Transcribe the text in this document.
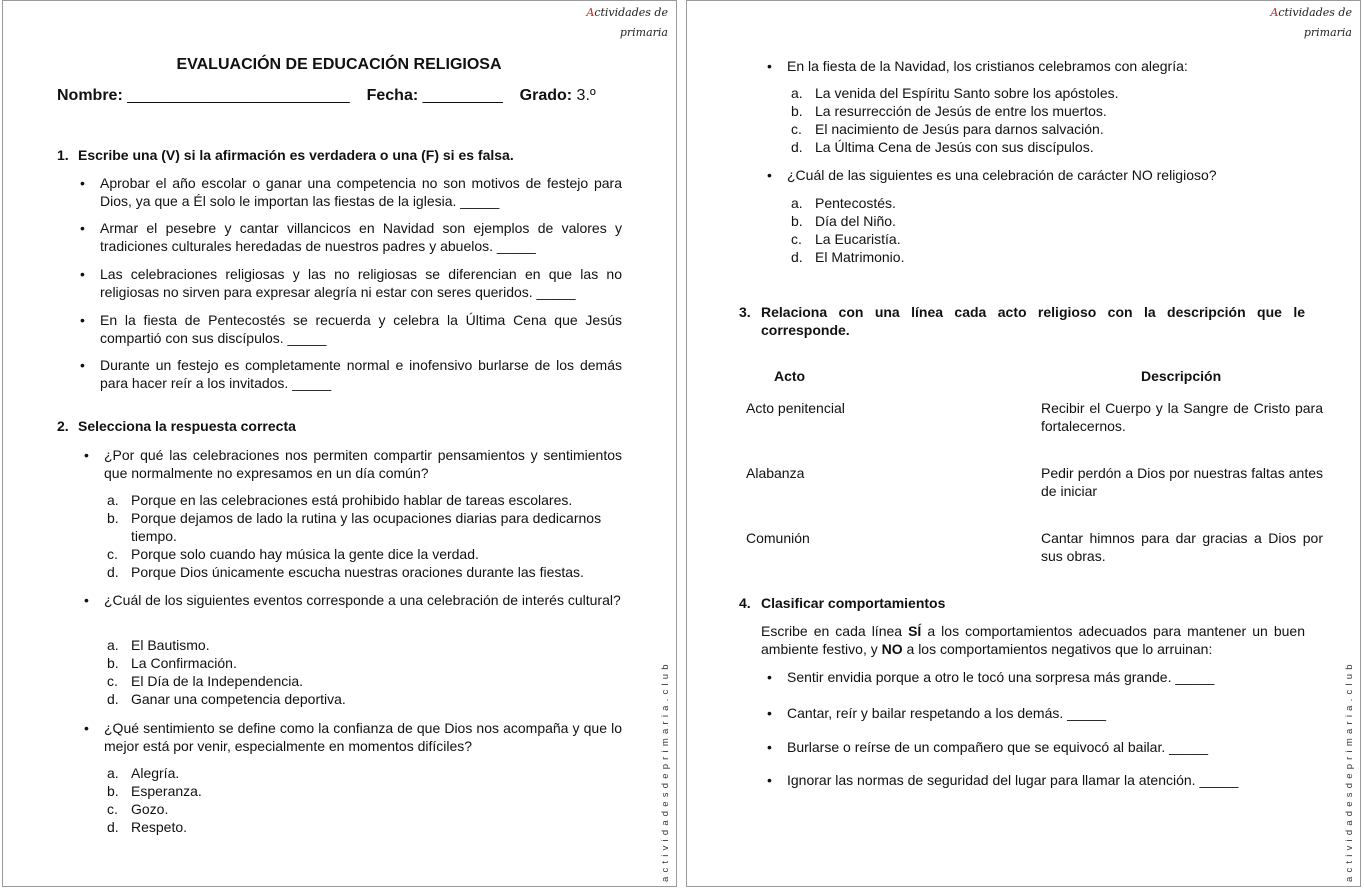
Actividades de
primaria
actividadesdeprimaria.club
EVALUACIÓN DE EDUCACIÓN RELIGIOSA
Nombre: _________________________ Fecha: _________ Grado: 3.º
1. Escribe una (V) si la afirmación es verdadera o una (F) si es falsa.
• Aprobar el año escolar o ganar una competencia no son motivos de festejo para Dios, ya que a Él solo le importan las fiestas de la iglesia. _____
• Armar el pesebre y cantar villancicos en Navidad son ejemplos de valores y tradiciones culturales heredadas de nuestros padres y abuelos. _____
• Las celebraciones religiosas y las no religiosas se diferencian en que las no religiosas no sirven para expresar alegría ni estar con seres queridos. _____
• En la fiesta de Pentecostés se recuerda y celebra la Última Cena que Jesús compartió con sus discípulos. _____
• Durante un festejo es completamente normal e inofensivo burlarse de los demás para hacer reír a los invitados. _____
2. Selecciona la respuesta correcta
• ¿Por qué las celebraciones nos permiten compartir pensamientos y sentimientos que normalmente no expresamos en un día común?
a. Porque en las celebraciones está prohibido hablar de tareas escolares.
b. Porque dejamos de lado la rutina y las ocupaciones diarias para dedicarnos tiempo.
c. Porque solo cuando hay música la gente dice la verdad.
d. Porque Dios únicamente escucha nuestras oraciones durante las fiestas.
• ¿Cuál de los siguientes eventos corresponde a una celebración de interés cultural?
a. El Bautismo.
b. La Confirmación.
c. El Día de la Independencia.
d. Ganar una competencia deportiva.
• ¿Qué sentimiento se define como la confianza de que Dios nos acompaña y que lo mejor está por venir, especialmente en momentos difíciles?
a. Alegría.
b. Esperanza.
c. Gozo.
d. Respeto.
Actividades de
primaria
actividadesdeprimaria.club
• En la fiesta de la Navidad, los cristianos celebramos con alegría:
a. La venida del Espíritu Santo sobre los apóstoles.
b. La resurrección de Jesús de entre los muertos.
c. El nacimiento de Jesús para darnos salvación.
d. La Última Cena de Jesús con sus discípulos.
• ¿Cuál de las siguientes es una celebración de carácter NO religioso?
a. Pentecostés.
b. Día del Niño.
c. La Eucaristía.
d. El Matrimonio.
3. Relaciona con una línea cada acto religioso con la descripción que le corresponde.
Acto	Descripción
Acto penitencial
Alabanza
Comunión
Recibir el Cuerpo y la Sangre de Cristo para fortalecernos.
Pedir perdón a Dios por nuestras faltas antes de iniciar
Cantar himnos para dar gracias a Dios por sus obras.
4. Clasificar comportamientos
Escribe en cada línea SÍ a los comportamientos adecuados para mantener un buen ambiente festivo, y NO a los comportamientos negativos que lo arruinan:
• Sentir envidia porque a otro le tocó una sorpresa más grande. _____
• Cantar, reír y bailar respetando a los demás. _____
• Burlarse o reírse de un compañero que se equivocó al bailar. _____
• Ignorar las normas de seguridad del lugar para llamar la atención. _____
